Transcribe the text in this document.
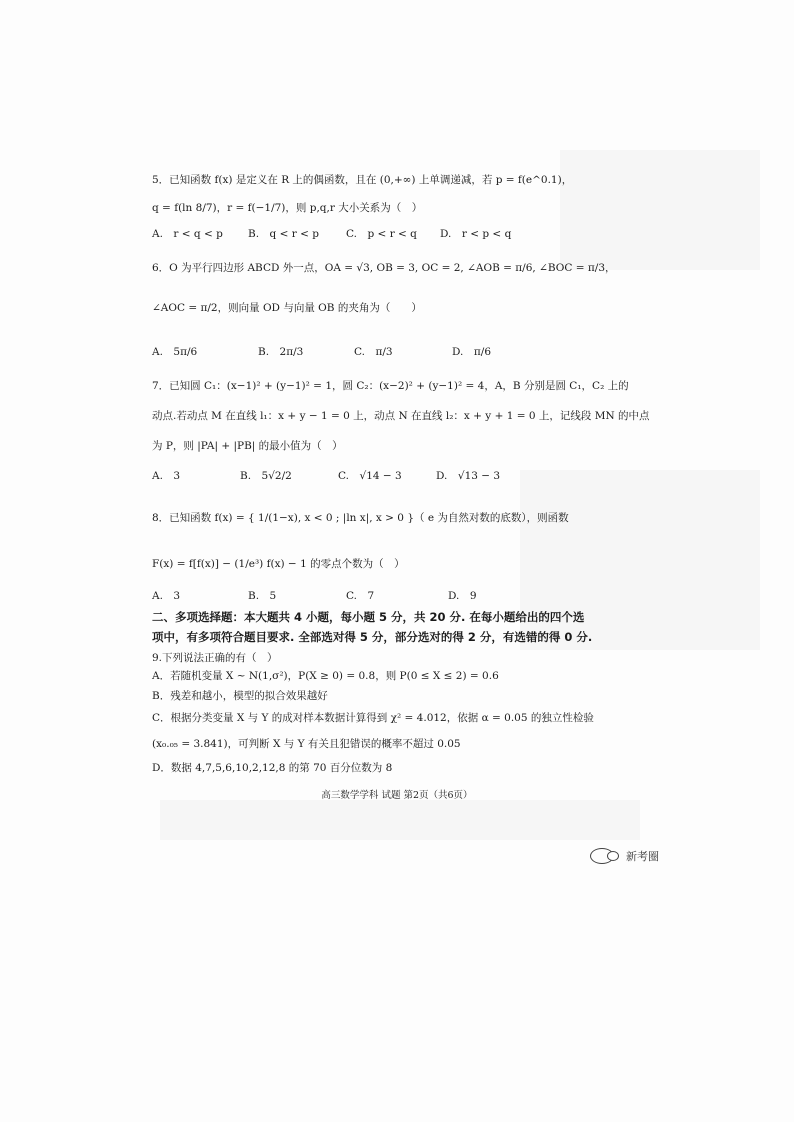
5．已知函数 f(x) 是定义在 R 上的偶函数，且在 (0,+∞) 上单调递减，若 p = f(e^0.1)，
q = f(ln 8/7)，r = f(−1/7)，则 p,q,r 大小关系为（　）
A.　r < q < p B.　q < r < p	C.　p < r < q D.　r < p < q
6．O 为平行四边形 ABCD 外一点，OA = √3, OB = 3, OC = 2, ∠AOB = π/6, ∠BOC = π/3，
∠AOC = π/2，则向量 OD 与向量 OB 的夹角为（　　）
A.　5π/6	B.　2π/3	C.　π/3	D.　π/6
7．已知圆 C₁：(x−1)² + (y−1)² = 1，圆 C₂：(x−2)² + (y−1)² = 4，A，B 分别是圆 C₁，C₂ 上的
动点.若动点 M 在直线 l₁：x + y − 1 = 0 上，动点 N 在直线 l₂：x + y + 1 = 0 上，记线段 MN 的中点
为 P，则 |PA| + |PB| 的最小值为（　）
A.　3	B.　5√2/2	C.　√14 − 3	D.　√13 − 3
8．已知函数 f(x) = { 1/(1−x), x < 0 ; |ln x|, x > 0 }（ e 为自然对数的底数），则函数
F(x) = f[f(x)] − (1/e³) f(x) − 1 的零点个数为（　）
A.　3	B.　5	C.　7	D.　9
二、多项选择题：本大题共 4 小题，每小题 5 分，共 20 分. 在每小题给出的四个选
项中，有多项符合题目要求. 全部选对得 5 分，部分选对的得 2 分，有选错的得 0 分.
9.下列说法正确的有（　）
A．若随机变量 X ~ N(1,σ²)，P(X ≥ 0) = 0.8，则 P(0 ≤ X ≤ 2) = 0.6
B．残差和越小，模型的拟合效果越好
C．根据分类变量 X 与 Y 的成对样本数据计算得到 χ² = 4.012，依据 α = 0.05 的独立性检验
(x₀.₀₅ = 3.841)，可判断 X 与 Y 有关且犯错误的概率不超过 0.05
D．数据 4,7,5,6,10,2,12,8 的第 70 百分位数为 8
高三数学学科 试题 第2页（共6页）
新考圈
